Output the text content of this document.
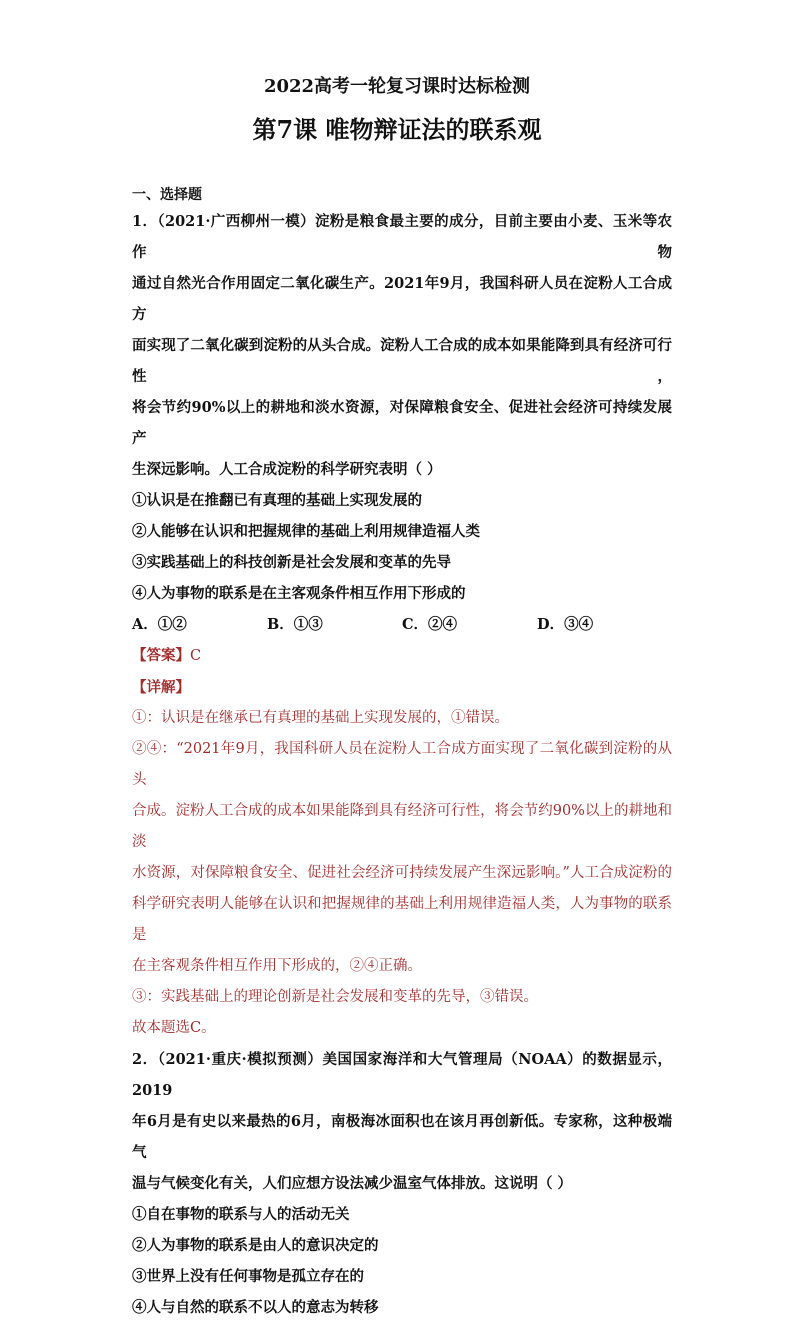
2022高考一轮复习课时达标检测
第7课 唯物辩证法的联系观
一、选择题
1．（2021·广西柳州一模）淀粉是粮食最主要的成分，目前主要由小麦、玉米等农作物
通过自然光合作用固定二氧化碳生产。2021年9月，我国科研人员在淀粉人工合成方
面实现了二氧化碳到淀粉的从头合成。淀粉人工合成的成本如果能降到具有经济可行性，
将会节约90%以上的耕地和淡水资源，对保障粮食安全、促进社会经济可持续发展产
生深远影响。人工合成淀粉的科学研究表明（ ）
①认识是在推翻已有真理的基础上实现发展的
②人能够在认识和把握规律的基础上利用规律造福人类
③实践基础上的科技创新是社会发展和变革的先导
④人为事物的联系是在主客观条件相互作用下形成的
A．①②	B．①③	C．②④	D．③④
【答案】C
【详解】
①：认识是在继承已有真理的基础上实现发展的，①错误。
②④：“2021年9月，我国科研人员在淀粉人工合成方面实现了二氧化碳到淀粉的从头
合成。淀粉人工合成的成本如果能降到具有经济可行性，将会节约90%以上的耕地和淡
水资源，对保障粮食安全、促进社会经济可持续发展产生深远影响。”人工合成淀粉的
科学研究表明人能够在认识和把握规律的基础上利用规律造福人类，人为事物的联系是
在主客观条件相互作用下形成的，②④正确。
③：实践基础上的理论创新是社会发展和变革的先导，③错误。
故本题选C。
2．（2021·重庆·模拟预测）美国国家海洋和大气管理局（NOAA）的数据显示，2019
年6月是有史以来最热的6月，南极海冰面积也在该月再创新低。专家称，这种极端气
温与气候变化有关，人们应想方设法减少温室气体排放。这说明（ ）
①自在事物的联系与人的活动无关
②人为事物的联系是由人的意识决定的
③世界上没有任何事物是孤立存在的
④人与自然的联系不以人的意志为转移
